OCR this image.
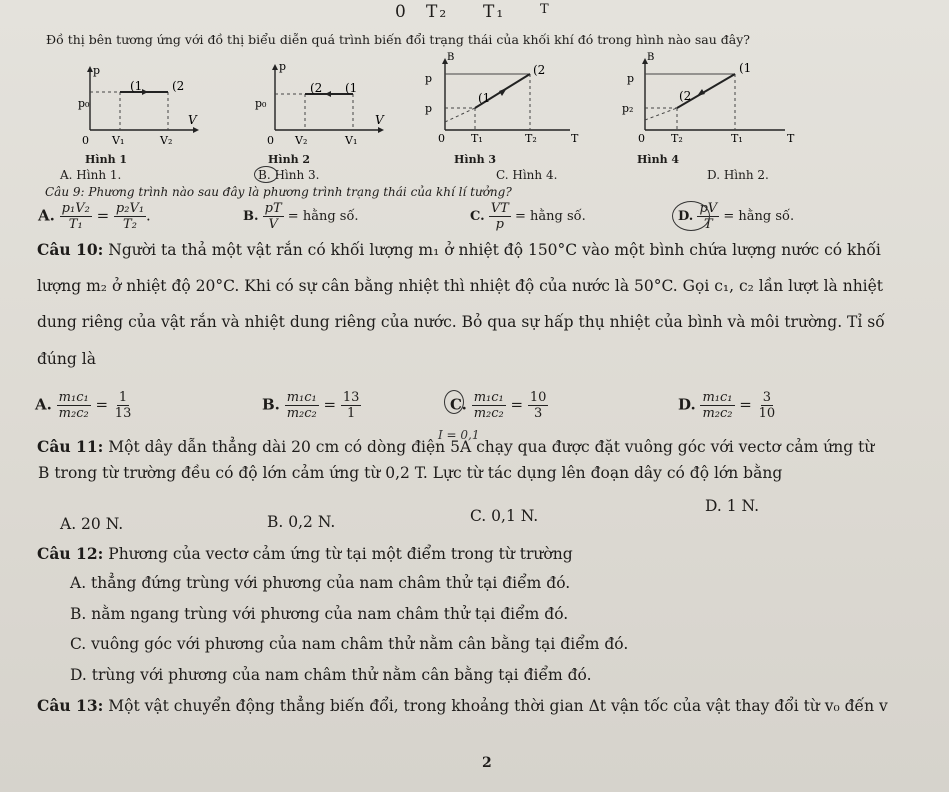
0 T₂ T₁	T
Đồ thị bên tương ứng với đồ thị biểu diễn quá trình biến đổi trạng thái của khối khí đó trong hình nào sau đây?
p
V
p₀
0 V₁	V₂
(1 (2
p
V
p₀
0 V₂	V₁
(2 (1
p
p
T
0 T₁	T₂
(1
(2
B
p
p₂
T
0 T₂	T₁
(2
(1
B
Hình 1	Hình 2	Hình 3	Hình 4
A. Hình 1.	B. Hình 3.	C. Hình 4.	D. Hình 2.
Câu 9: Phương trình nào sau đây là phương trình trạng thái của khí lí tưởng?
A. $\frac{\text{p₁V₂}}{\text{T₁}} = \frac{\text{p₂V₁}}{\text{T₂}}$ .	B. $\frac{pT}{V}$ = hằng số.	C. $\frac{VT}{p}$ = hằng số.	D. $\frac{pV}{T}$ = hằng số.
Câu 10: Người ta thả một vật rắn có khối lượng m₁ ở nhiệt độ 150°C vào một bình chứa lượng nước có khối
lượng m₂ ở nhiệt độ 20°C. Khi có sự cân bằng nhiệt thì nhiệt độ của nước là 50°C. Gọi c₁, c₂ lần lượt là nhiệt
dung riêng của vật rắn và nhiệt dung riêng của nước. Bỏ qua sự hấp thụ nhiệt của bình và môi trường. Tỉ số
đúng là
A. $\frac{\text{m₁c₁}}{\text{m₂c₂}} = \frac{1}{13}$	B. $\frac{\text{m₁c₁}}{\text{m₂c₂}} = \frac{13}{1}$	C. $\frac{\text{m₁c₁}}{\text{m₂c₂}} = \frac{10}{3}$	D. $\frac{\text{m₁c₁}}{\text{m₂c₂}} = \frac{3}{10}$
I = 0,1
Câu 11: Một dây dẫn thẳng dài 20 cm có dòng điện 5A chạy qua được đặt vuông góc với vectơ cảm ứng từ
B trong từ trường đều có độ lớn cảm ứng từ 0,2 T. Lực từ tác dụng lên đoạn dây có độ lớn bằng
A. 20 N.	B. 0,2 N.	C. 0,1 N.
D. 1 N.
Câu 12: Phương của vectơ cảm ứng từ tại một điểm trong từ trường
A. thẳng đứng trùng với phương của nam châm thử tại điểm đó.
B. nằm ngang trùng với phương của nam châm thử tại điểm đó.
C. vuông góc với phương của nam châm thử nằm cân bằng tại điểm đó.
D. trùng với phương của nam châm thử nằm cân bằng tại điểm đó.
Câu 13: Một vật chuyển động thẳng biến đổi, trong khoảng thời gian Δt vận tốc của vật thay đổi từ v₀ đến v
2
